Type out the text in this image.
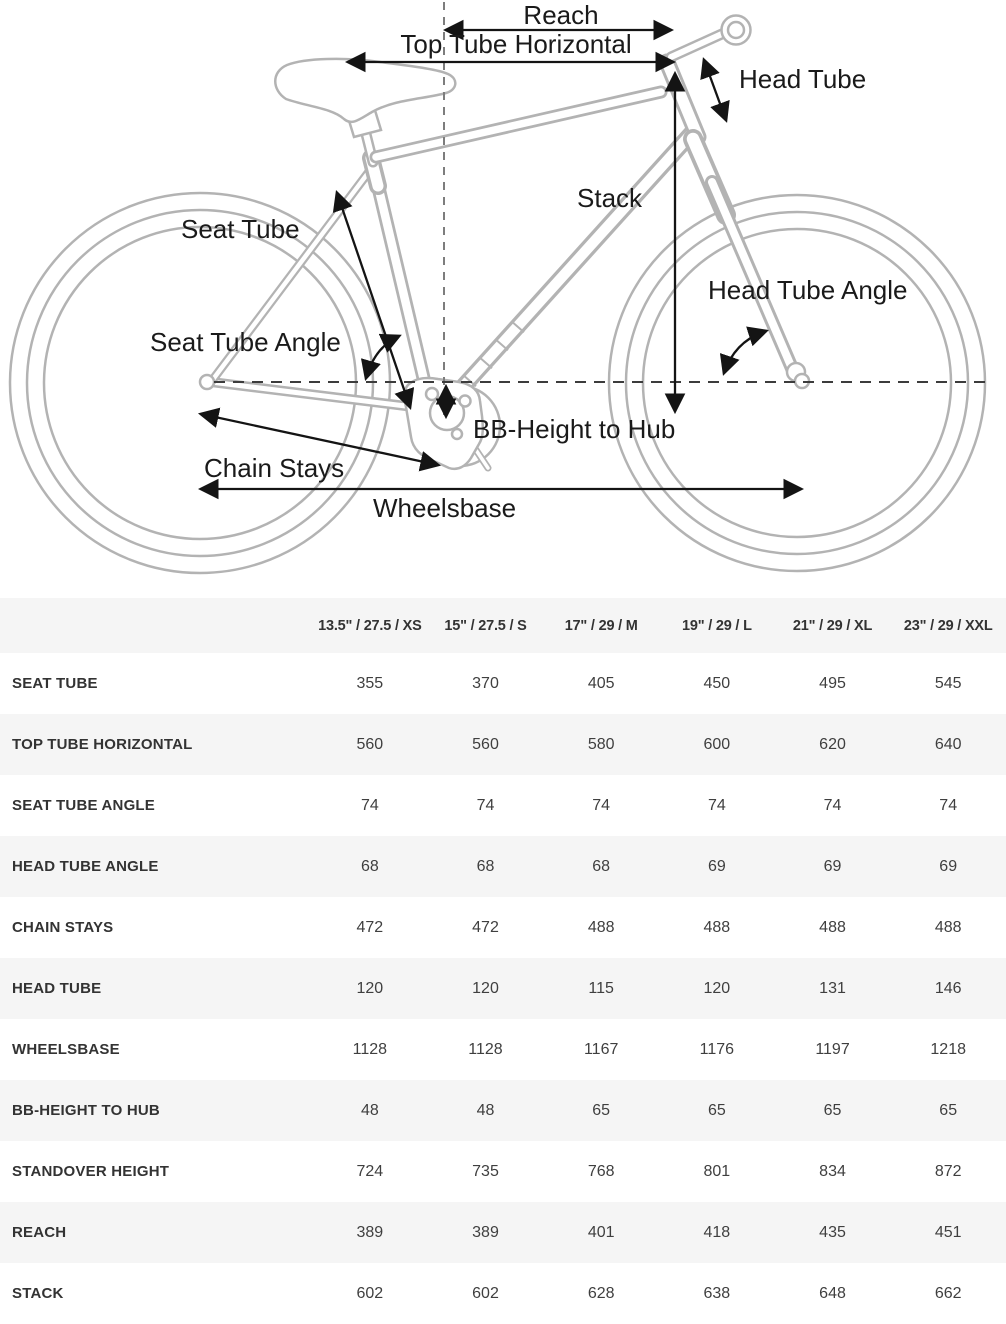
Reach
Top Tube Horizontal
Head Tube
Stack
Seat Tube
Head Tube Angle
Seat Tube Angle
BB-Height to Hub
Chain Stays
Wheelsbase
13.5" / 27.5 / XS	15" / 27.5 / S	17" / 29 / M	19" / 29 / L	21" / 29 / XL	23" / 29 / XXL
SEAT TUBE	355	370	405	450	495	545
TOP TUBE HORIZONTAL	560	560	580	600	620	640
SEAT TUBE ANGLE	74	74	74	74	74	74
HEAD TUBE ANGLE	68	68	68	69	69	69
CHAIN STAYS	472	472	488	488	488	488
HEAD TUBE	120	120	115	120	131	146
WHEELSBASE	1128	1128	1167	1176	1197	1218
BB-HEIGHT TO HUB	48	48	65	65	65	65
STANDOVER HEIGHT	724	735	768	801	834	872
REACH	389	389	401	418	435	451
STACK	602	602	628	638	648	662
